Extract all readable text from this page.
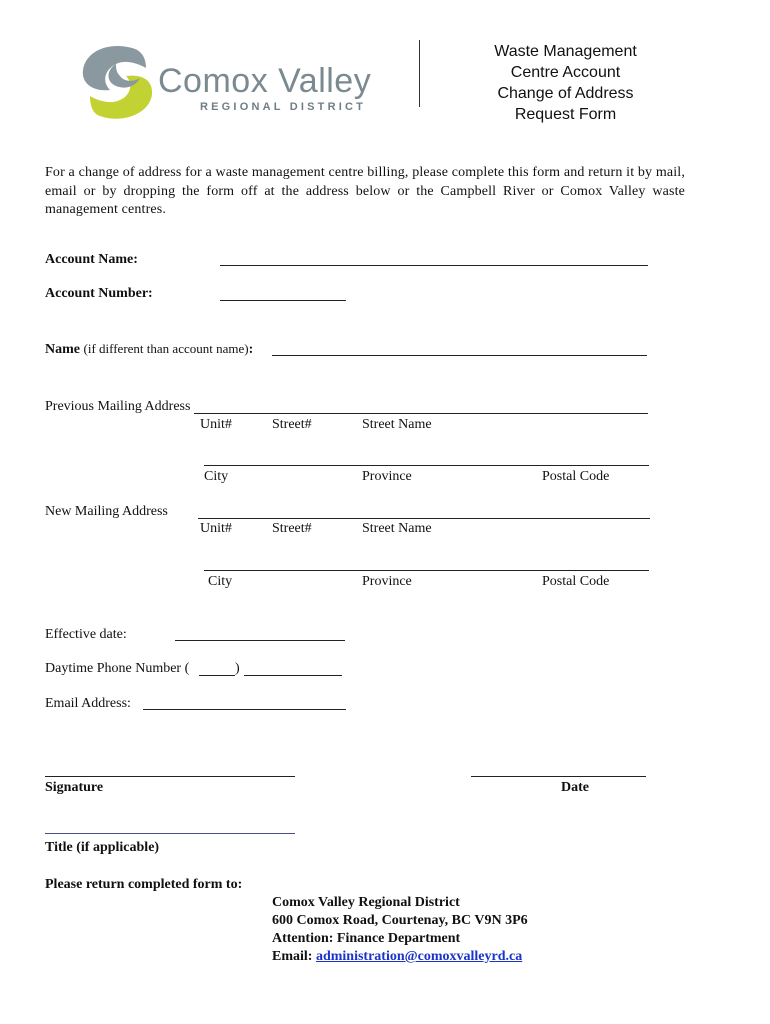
Comox Valley
REGIONAL DISTRICT
Waste Management
Centre Account
Change of Address
Request Form
For a change of address for a waste management centre billing, please complete this form and return it by mail, email or by dropping the form off at the address below or the Campbell River or Comox Valley waste management centres.
Account Name:
Account Number:
Name (if different than account name):
Previous Mailing Address
Unit#	Street#	Street Name
City	Province	Postal Code
New Mailing Address
Unit#	Street#	Street Name
City	Province	Postal Code
Effective date:
Daytime Phone Number (	)
Email Address:
Signature	Date
Title (if applicable)
Please return completed form to:
Comox Valley Regional District
600 Comox Road, Courtenay, BC V9N 3P6
Attention: Finance Department
Email: administration@comoxvalleyrd.ca
